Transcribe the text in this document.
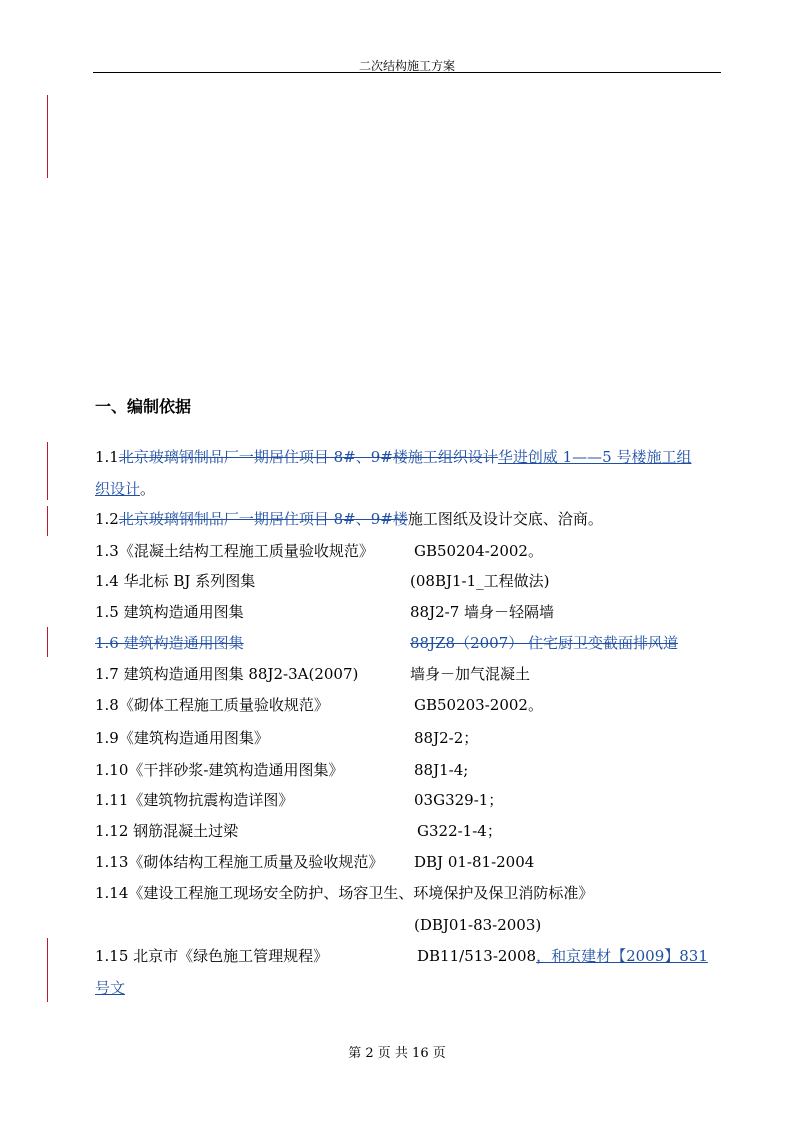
二次结构施工方案
一、编制依据
1.1北京玻璃钢制品厂一期居住项目 8#、9#楼施工组织设计华进创威 1——5 号楼施工组
织设计。
1.2北京玻璃钢制品厂一期居住项目 8#、9#楼施工图纸及设计交底、洽商。
1.3《混凝土结构工程施工质量验收规范》	GB50204-2002。
1.4 华北标 BJ 系列图集	(08BJ1-1_工程做法)
1.5 建筑构造通用图集	88J2-7 墙身－轻隔墙
1.6 建筑构造通用图集	88JZ8（2007） 住宅厨卫变截面排风道
1.7 建筑构造通用图集 88J2-3A(2007)	墙身－加气混凝土
1.8《砌体工程施工质量验收规范》	GB50203-2002。
1.9《建筑构造通用图集》	88J2-2；
1.10《干拌砂浆-建筑构造通用图集》	88J1-4;
1.11《建筑物抗震构造详图》	03G329-1；
1.12 钢筋混凝土过梁	G322-1-4；
1.13《砌体结构工程施工质量及验收规范》 DBJ 01-81-2004
1.14《建设工程施工现场安全防护、场容卫生、环境保护及保卫消防标准》
(DBJ01-83-2003)
1.15 北京市《绿色施工管理规程》	DB11/513-2008，和京建材【2009】831
号文
第 2 页 共 16 页
